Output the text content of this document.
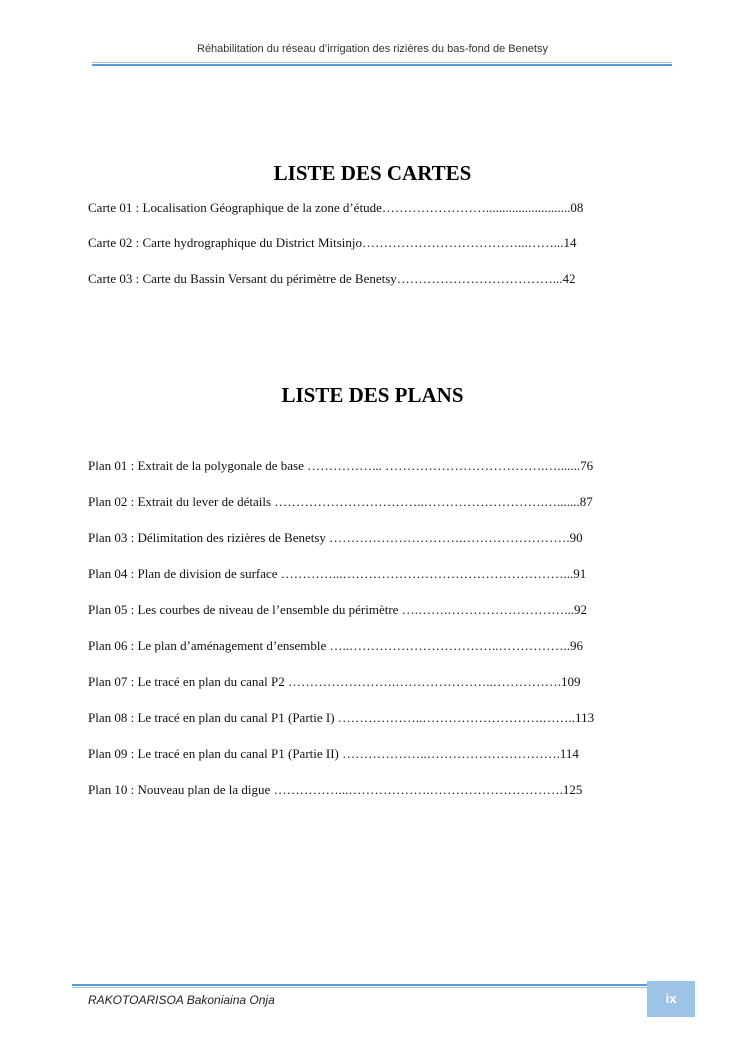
Réhabilitation du réseau d’irrigation des rizières du bas-fond de Benetsy
LISTE DES CARTES
Carte 01 : Localisation Géographique de la zone d’étude……………………..........................08
Carte 02 : Carte hydrographique du District Mitsinjo………………………………...……...14
Carte 03 : Carte du Bassin Versant du périmètre de Benetsy………………………………...42
LISTE DES PLANS
Plan 01 : Extrait de la polygonale de base ……………... ……………………………….….......76
Plan 02 : Extrait du lever de détails ……………………………..……………………….….......87
Plan 03 : Délimitation des rizières de Benetsy ………………………….…………………….90
Plan 04 : Plan de division de surface …………...……………………………………………...91
Plan 05 : Les courbes de niveau de l’ensemble du périmètre ….…….………………………...92
Plan 06 : Le plan d’aménagement d’ensemble …..……………………………..……………..96
Plan 07 : Le tracé en plan du canal P2 …………………….…………………..…………….109
Plan 08 : Le tracé en plan du canal P1 (Partie I) ………………..……………………….……..113
Plan 09 : Le tracé en plan du canal P1 (Partie II) ………………..………………………….114
Plan 10 : Nouveau plan de la digue ……………...……………….………………………….125
RAKOTOARISOA Bakoniaina Onja	ix
